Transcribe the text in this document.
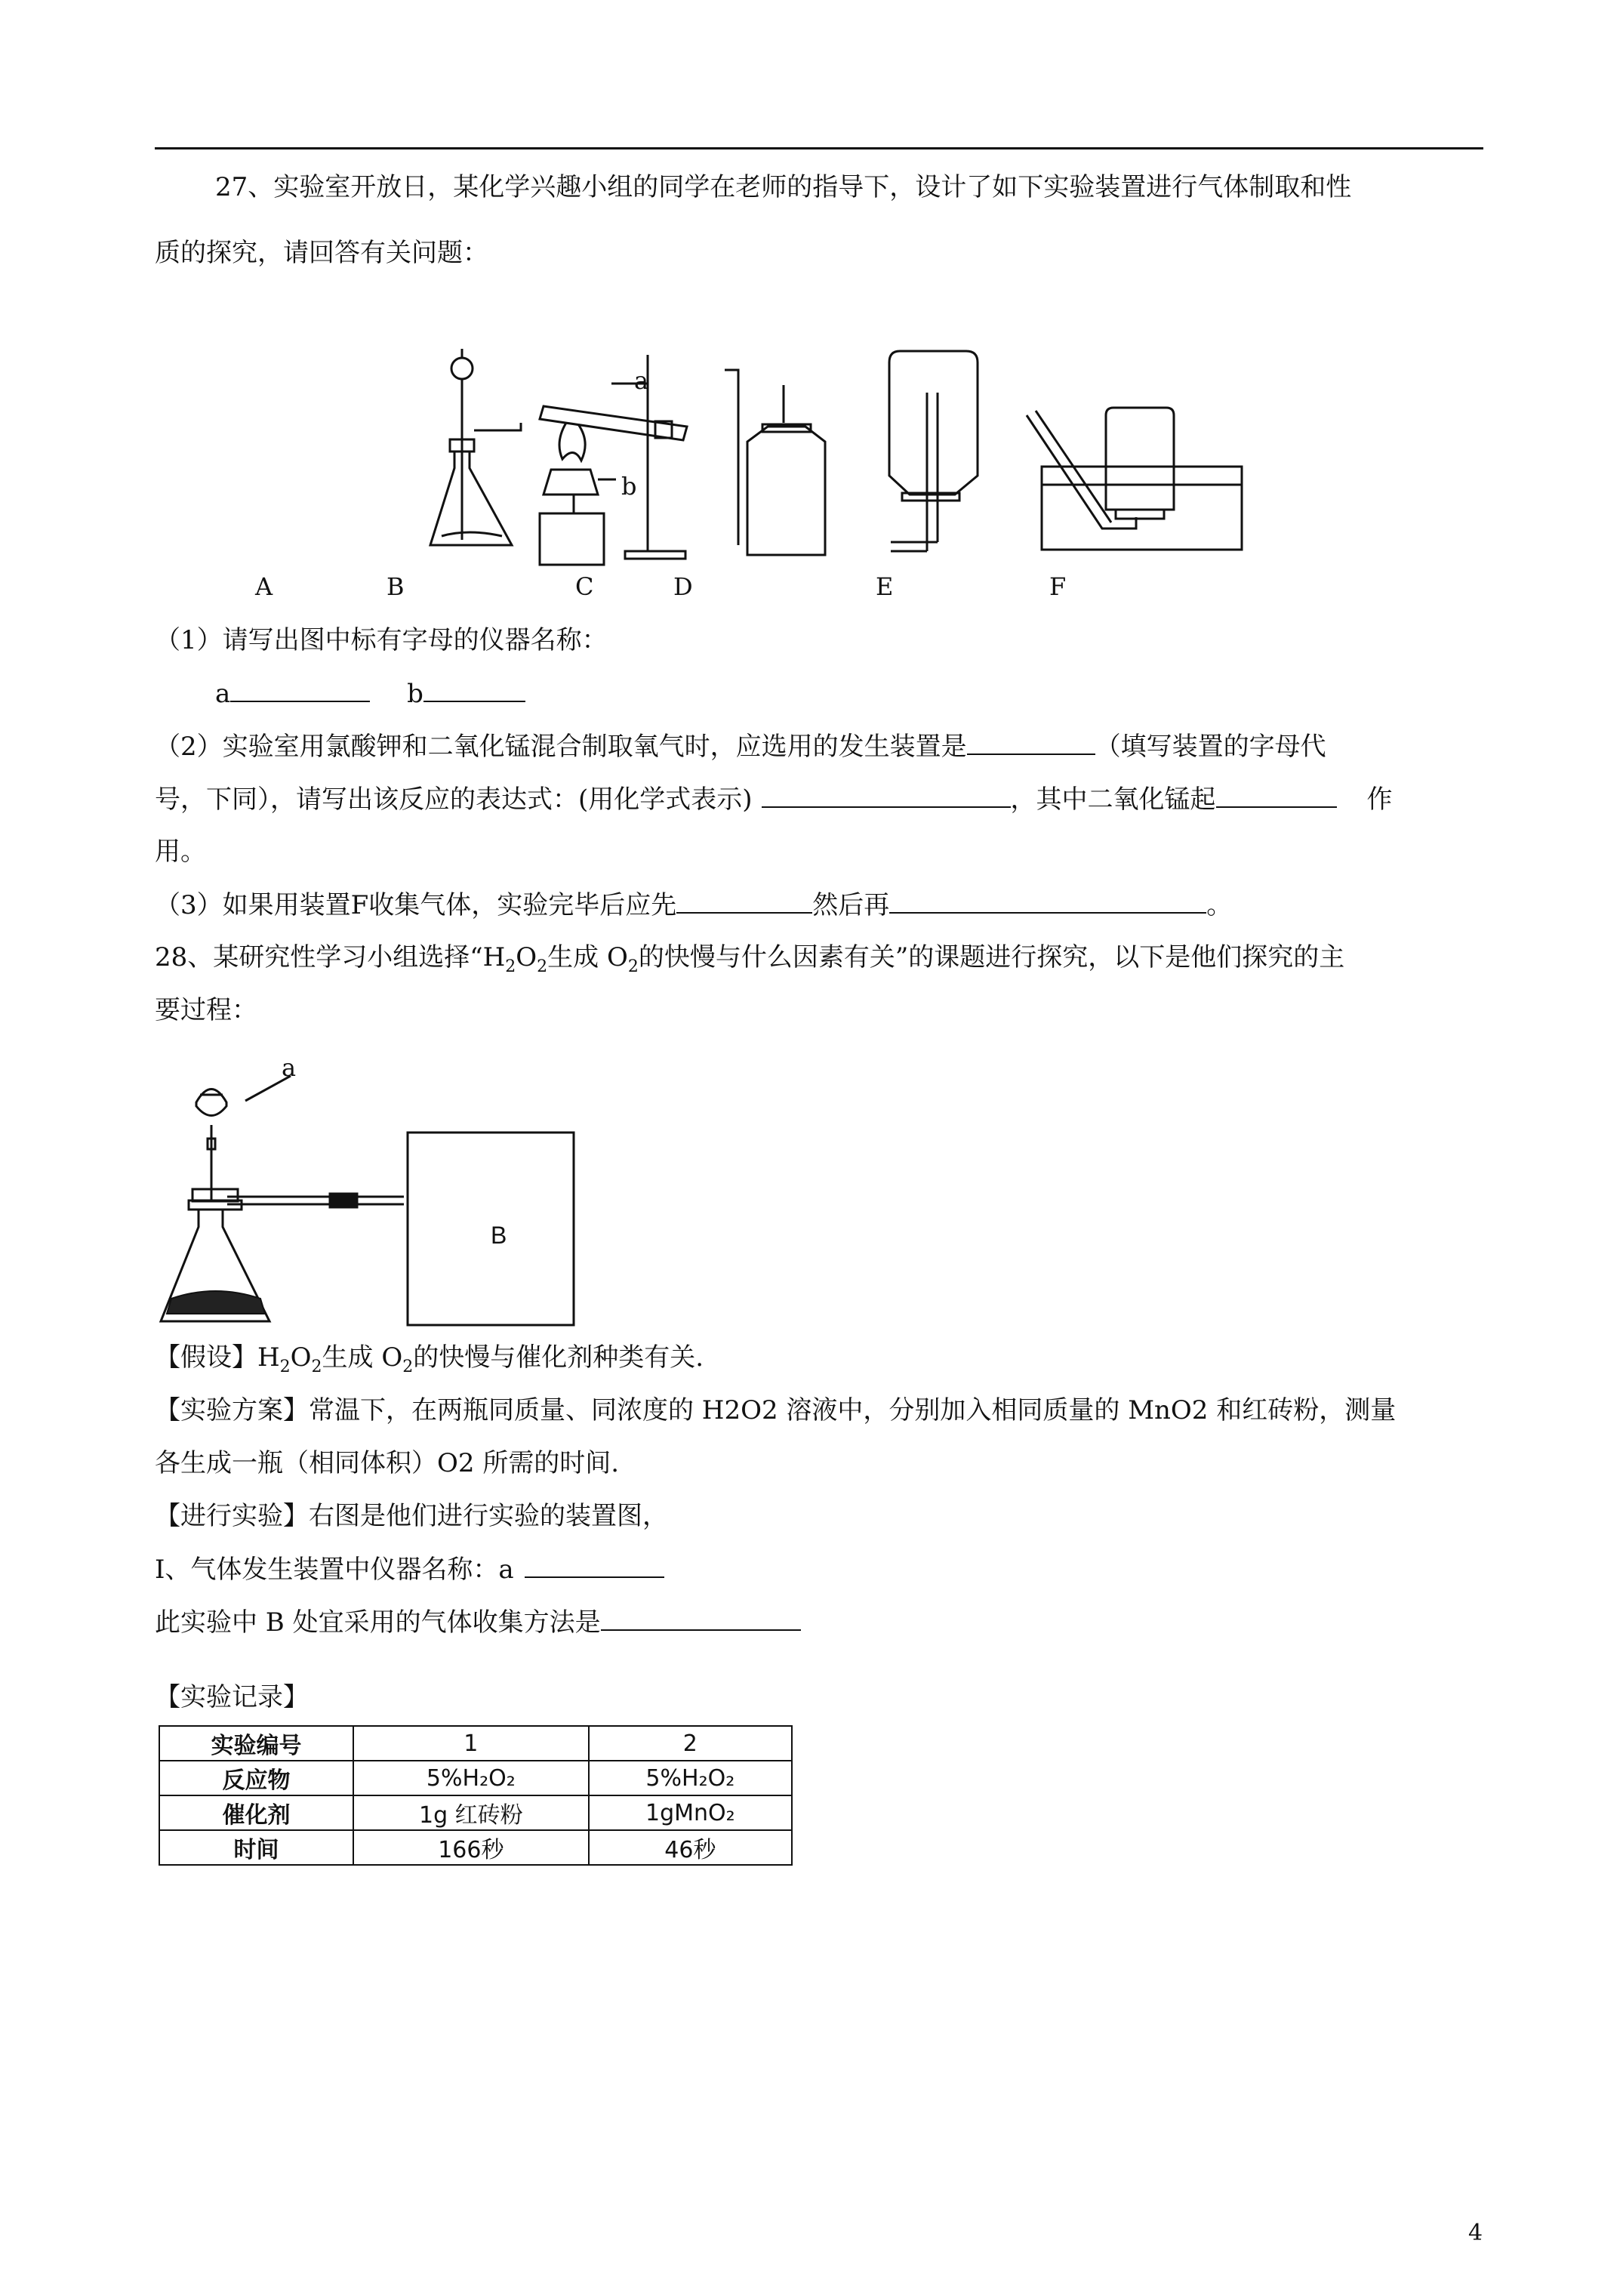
27、实验室开放日，某化学兴趣小组的同学在老师的指导下，设计了如下实验装置进行气体制取和性
质的探究，请回答有关问题：
a
b
A	B	C	D	E	F
（1）请写出图中标有字母的仪器名称：
a	b
（2）实验室用氯酸钾和二氧化锰混合制取氧气时，应选用的发生装置是	（填写装置的字母代
号，下同），请写出该反应的表达式：(用化学式表示)	，其中二氧化锰起	作
用。
（3）如果用装置F收集气体，实验完毕后应先	然后再	。
28、某研究性学习小组选择“$H_2O_2$生成 $O_2$的快慢与什么因素有关”的课题进行探究，以下是他们探究的主
要过程：
a
B
【假设】$H_2O_2$生成 $O_2$的快慢与催化剂种类有关.
【实验方案】常温下，在两瓶同质量、同浓度的 H2O2 溶液中，分别加入相同质量的 MnO2 和红砖粉，测量
各生成一瓶（相同体积）O2 所需的时间.
【进行实验】右图是他们进行实验的装置图，
Ⅰ、气体发生装置中仪器名称：a
此实验中 B 处宜采用的气体收集方法是
【实验记录】
实验编号	1	2
反应物	5%H₂O₂	5%H₂O₂
催化剂	1g 红砖粉	1gMnO₂
时间	166秒	46秒
4
